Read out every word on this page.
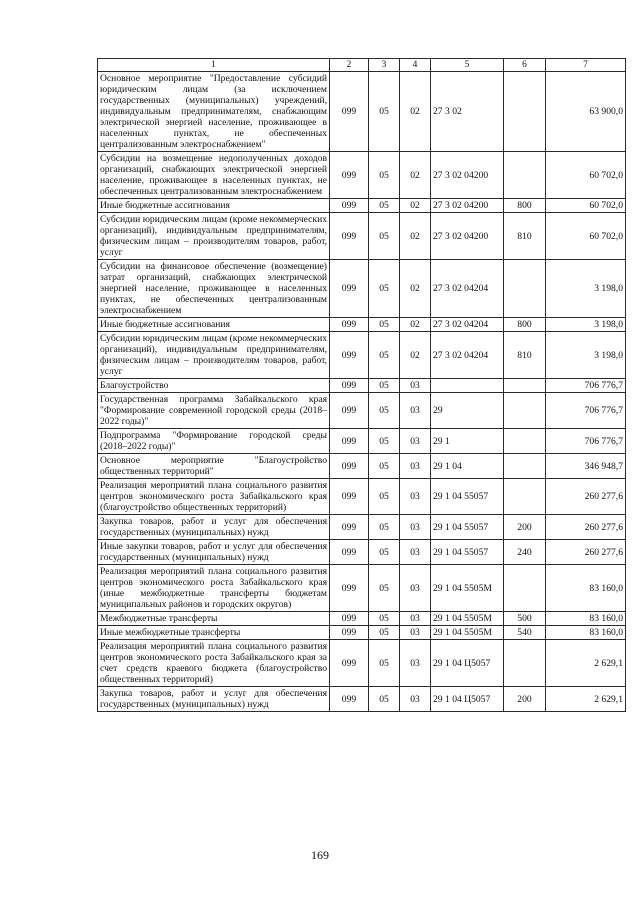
1	2	3	4	5	6	7
Основное мероприятие "Предоставление субсидий юридическим лицам (за исключением государственных (муниципальных) учреждений, индивидуальным предпринимателям, снабжающим электрической энергией население, проживающее в населенных пунктах, не обеспеченных централизованным электроснабжением"	099	05	02	27 3 02		63 900,0
Субсидии на возмещение недополученных доходов организаций, снабжающих электрической энергией население, проживающее в населенных пунктах, не обеспеченных централизованным электроснабжением	099	05	02	27 3 02 04200		60 702,0
Иные бюджетные ассигнования	099	05	02	27 3 02 04200	800	60 702,0
Субсидии юридическим лицам (кроме некоммерческих организаций), индивидуальным предпринимателям, физическим лицам – производителям товаров, работ, услуг	099	05	02	27 3 02 04200	810	60 702,0
Субсидии на финансовое обеспечение (возмещение) затрат организаций, снабжающих электрической энергией население, проживающее в населенных пунктах, не обеспеченных централизованным электроснабжением	099	05	02	27 3 02 04204		3 198,0
Иные бюджетные ассигнования	099	05	02	27 3 02 04204	800	3 198,0
Субсидии юридическим лицам (кроме некоммерческих организаций), индивидуальным предпринимателям, физическим лицам – производителям товаров, работ, услуг	099	05	02	27 3 02 04204	810	3 198,0
Благоустройство	099	05	03			706 776,7
Государственная программа Забайкальского края "Формирование современной городской среды (2018–2022 годы)"	099	05	03	29		706 776,7
Подпрограмма "Формирование городской среды (2018–2022 годы)"	099	05	03	29 1		706 776,7
Основное мероприятие "Благоустройство общественных территорий"	099	05	03	29 1 04		346 948,7
Реализация мероприятий плана социального развития центров экономического роста Забайкальского края (благоустройство общественных территорий)	099	05	03	29 1 04 55057		260 277,6
Закупка товаров, работ и услуг для обеспечения государственных (муниципальных) нужд	099	05	03	29 1 04 55057	200	260 277,6
Иные закупки товаров, работ и услуг для обеспечения государственных (муниципальных) нужд	099	05	03	29 1 04 55057	240	260 277,6
Реализация мероприятий плана социального развития центров экономического роста Забайкальского края (иные межбюджетные трансферты бюджетам муниципальных районов и городских округов)	099	05	03	29 1 04 5505М		83 160,0
Межбюджетные трансферты	099	05	03	29 1 04 5505М	500	83 160,0
Иные межбюджетные трансферты	099	05	03	29 1 04 5505М	540	83 160,0
Реализация мероприятий плана социального развития центров экономического роста Забайкальского края за счет средств краевого бюджета (благоустройство общественных территорий)	099	05	03	29 1 04 Ц5057		2 629,1
Закупка товаров, работ и услуг для обеспечения государственных (муниципальных) нужд	099	05	03	29 1 04 Ц5057	200	2 629,1
169
